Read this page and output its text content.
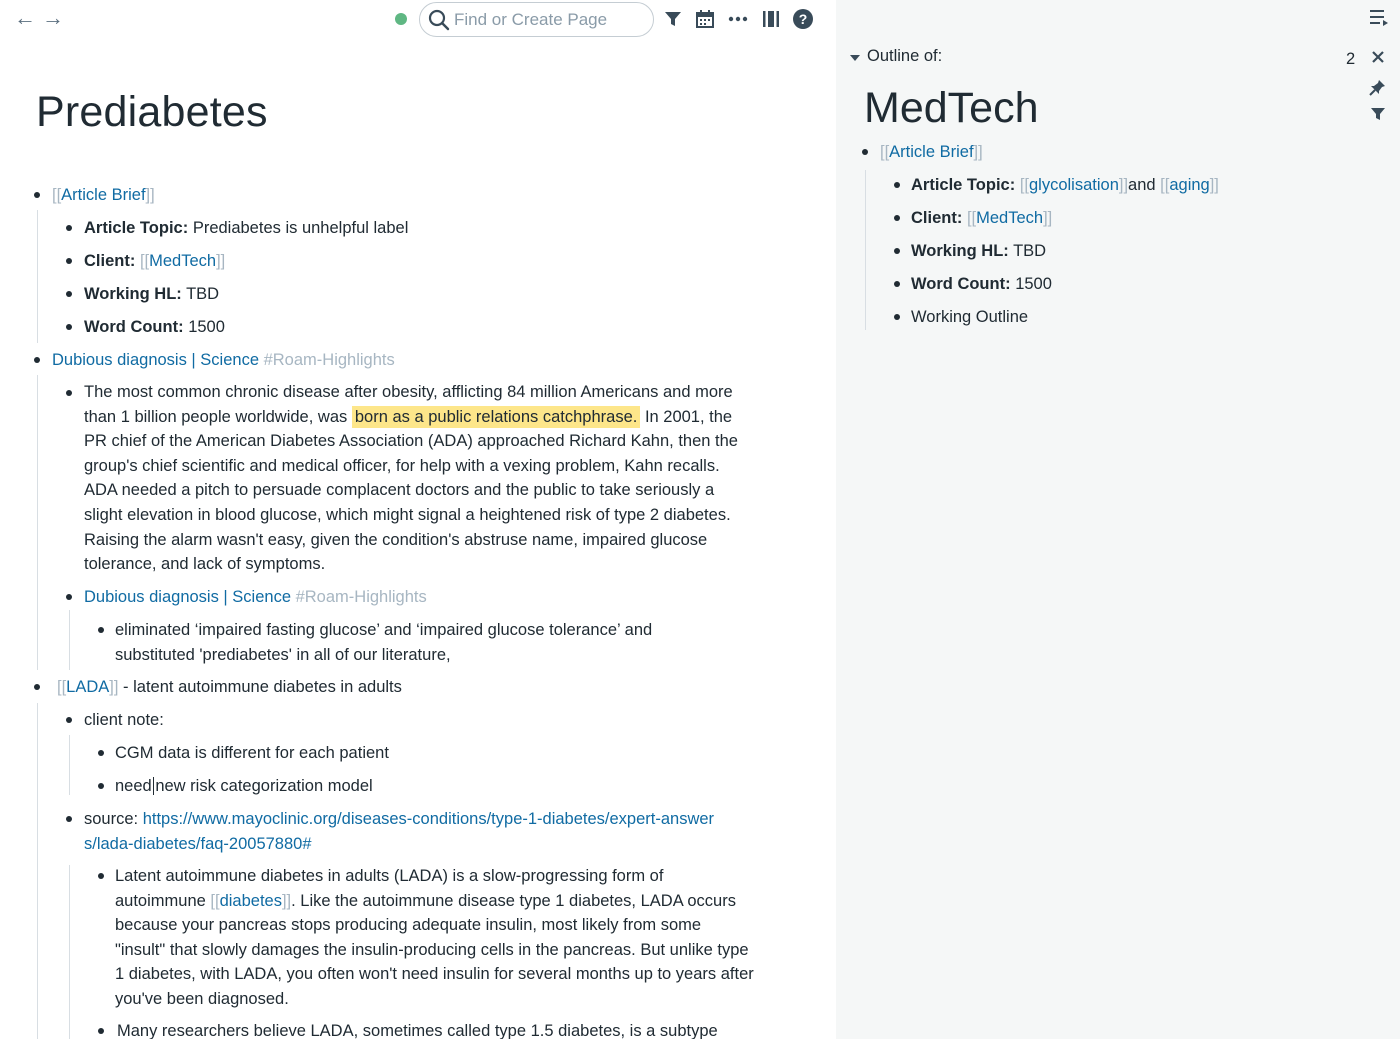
← →
Find or Create Page	?
Prediabetes
[[Article Brief]]
Article Topic: Prediabetes is unhelpful label
Client: [[MedTech]]
Working HL: TBD
Word Count: 1500
Dubious diagnosis | Science #Roam-Highlights
The most common chronic disease after obesity, afflicting 84 million Americans and more than 1 billion people worldwide, was born as a public relations catchphrase. In 2001, the PR chief of the American Diabetes Association (ADA) approached Richard Kahn, then the group's chief scientific and medical officer, for help with a vexing problem, Kahn recalls. ADA needed a pitch to persuade complacent doctors and the public to take seriously a slight elevation in blood glucose, which might signal a heightened risk of type 2 diabetes. Raising the alarm wasn't easy, given the condition's abstruse name, impaired glucose tolerance, and lack of symptoms.
Dubious diagnosis | Science #Roam-Highlights
eliminated ‘impaired fasting glucose’ and ‘impaired glucose tolerance’ and substituted 'prediabetes' in all of our literature,
[[LADA]] - latent autoimmune diabetes in adults
client note:
CGM data is different for each patient
need new risk categorization model
source: https://www.mayoclinic.org/diseases-conditions/type-1-diabetes/expert-answers/lada-diabetes/faq-20057880#
Latent autoimmune diabetes in adults (LADA) is a slow-progressing form of autoimmune [[diabetes]]. Like the autoimmune disease type 1 diabetes, LADA occurs because your pancreas stops producing adequate insulin, most likely from some "insult" that slowly damages the insulin-producing cells in the pancreas. But unlike type 1 diabetes, with LADA, you often won't need insulin for several months up to years after you've been diagnosed.
Many researchers believe LADA, sometimes called type 1.5 diabetes, is a subtype
Outline of:	2
MedTech
[[Article Brief]]
Article Topic: [[glycolisation]]and [[aging]]
Client: [[MedTech]]
Working HL: TBD
Word Count: 1500
Working Outline
